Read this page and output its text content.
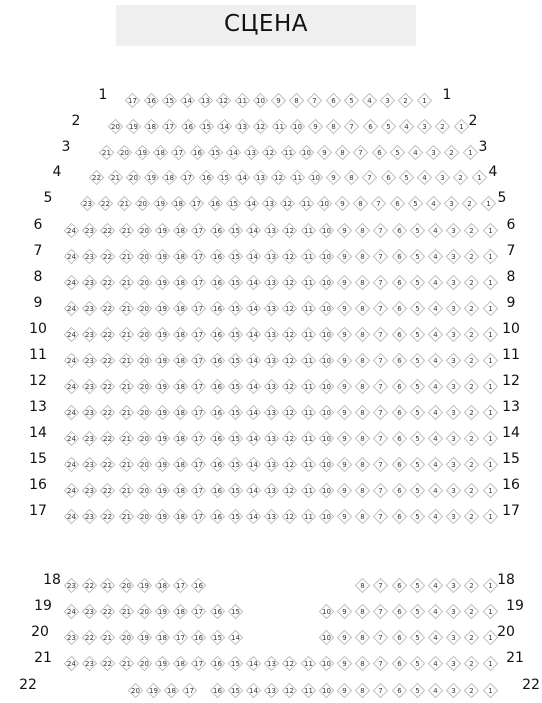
СЦЕНА
1	1
17	16	15	14	13	12	11	10	9	8	7	6	5	4	3	2	1
2	2
20	19	18	17	16	15	14	13	12	11	10	9	8	7	6	5	4	3	2	1
3	3
21	20	19	18	17	16	15	14	13	12	11	10	9	8	7	6	5	4	3	2	1
4	4
22	21	20	19	18	17	16	15	14	13	12	11	10	9	8	7	6	5	4	3	2	1
5	5
23	22	21	20	19	18	17	16	15	14	13	12	11	10	9	8	7	6	5	4	3	2	1
6	6
24	23	22	21	20	19	18	17	16	15	14	13	12	11	10	9	8	7	6	5	4	3	2	1
7	7
24	23	22	21	20	19	18	17	16	15	14	13	12	11	10	9	8	7	6	5	4	3	2	1
8	8
24	23	22	21	20	19	18	17	16	15	14	13	12	11	10	9	8	7	6	5	4	3	2	1
9	9
24	23	22	21	20	19	18	17	16	15	14	13	12	11	10	9	8	7	6	5	4	3	2	1
10	10
24	23	22	21	20	19	18	17	16	15	14	13	12	11	10	9	8	7	6	5	4	3	2	1
11	11
24	23	22	21	20	19	18	17	16	15	14	13	12	11	10	9	8	7	6	5	4	3	2	1
12	12
24	23	22	21	20	19	18	17	16	15	14	13	12	11	10	9	8	7	6	5	4	3	2	1
13	13
24	23	22	21	20	19	18	17	16	15	14	13	12	11	10	9	8	7	6	5	4	3	2	1
14	14
24	23	22	21	20	19	18	17	16	15	14	13	12	11	10	9	8	7	6	5	4	3	2	1
15	15
24	23	22	21	20	19	18	17	16	15	14	13	12	11	10	9	8	7	6	5	4	3	2	1
16	16
24	23	22	21	20	19	18	17	16	15	14	13	12	11	10	9	8	7	6	5	4	3	2	1
17	17
24	23	22	21	20	19	18	17	16	15	14	13	12	11	10	9	8	7	6	5	4	3	2	1
18	18
23	22	21	20	19	18	17	16	8	7	6	5	4	3	2	1
19	19
24	23	22	21	20	19	18	17	16	15	10	9	8	7	6	5	4	3	2	1
20	20
23	22	21	20	19	18	17	16	15	14	10	9	8	7	6	5	4	3	2	1
21	21
24	23	22	21	20	19	18	17	16	15	14	13	12	11	10	9	8	7	6	5	4	3	2	1
22	22
20	19	18	17	16	15	14	13	12	11	10	9	8	7	6	5	4	3	2	1
